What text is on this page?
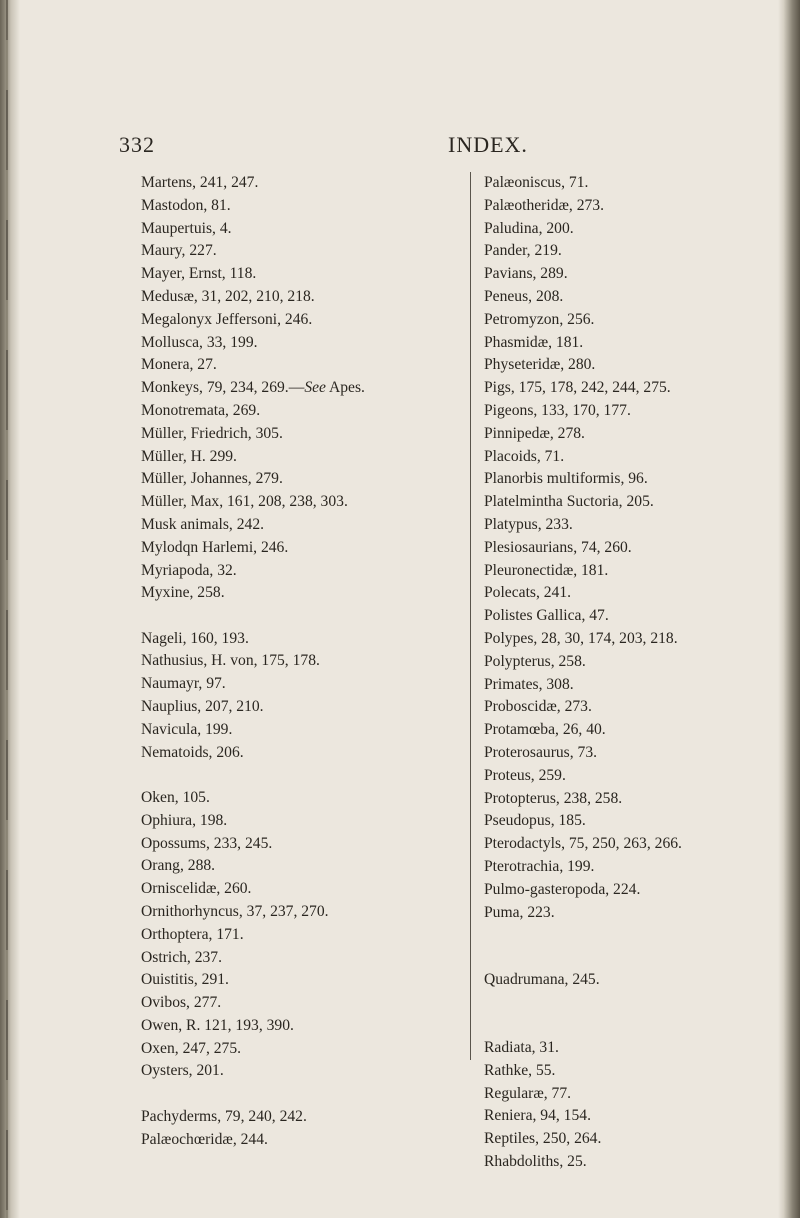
332	INDEX.
Martens, 241, 247.
Mastodon, 81.
Maupertuis, 4.
Maury, 227.
Mayer, Ernst, 118.
Medusæ, 31, 202, 210, 218.
Megalonyx Jeffersoni, 246.
Mollusca, 33, 199.
Monera, 27.
Monkeys, 79, 234, 269.—See Apes.
Monotremata, 269.
Müller, Friedrich, 305.
Müller, H. 299.
Müller, Johannes, 279.
Müller, Max, 161, 208, 238, 303.
Musk animals, 242.
Mylodqn Harlemi, 246.
Myriapoda, 32.
Myxine, 258.
Nageli, 160, 193.
Nathusius, H. von, 175, 178.
Naumayr, 97.
Nauplius, 207, 210.
Navicula, 199.
Nematoids, 206.
Oken, 105.
Ophiura, 198.
Opossums, 233, 245.
Orang, 288.
Orniscelidæ, 260.
Ornithorhyncus, 37, 237, 270.
Orthoptera, 171.
Ostrich, 237.
Ouistitis, 291.
Ovibos, 277.
Owen, R. 121, 193, 390.
Oxen, 247, 275.
Oysters, 201.
Pachyderms, 79, 240, 242.
Palæochœridæ, 244.
Palæoniscus, 71.
Palæotheridæ, 273.
Paludina, 200.
Pander, 219.
Pavians, 289.
Peneus, 208.
Petromyzon, 256.
Phasmidæ, 181.
Physeteridæ, 280.
Pigs, 175, 178, 242, 244, 275.
Pigeons, 133, 170, 177.
Pinnipedæ, 278.
Placoids, 71.
Planorbis multiformis, 96.
Platelmintha Suctoria, 205.
Platypus, 233.
Plesiosaurians, 74, 260.
Pleuronectidæ, 181.
Polecats, 241.
Polistes Gallica, 47.
Polypes, 28, 30, 174, 203, 218.
Polypterus, 258.
Primates, 308.
Proboscidæ, 273.
Protamœba, 26, 40.
Proterosaurus, 73.
Proteus, 259.
Protopterus, 238, 258.
Pseudopus, 185.
Pterodactyls, 75, 250, 263, 266.
Pterotrachia, 199.
Pulmo-gasteropoda, 224.
Puma, 223.
Quadrumana, 245.
Radiata, 31.
Rathke, 55.
Regularæ, 77.
Reniera, 94, 154.
Reptiles, 250, 264.
Rhabdoliths, 25.
